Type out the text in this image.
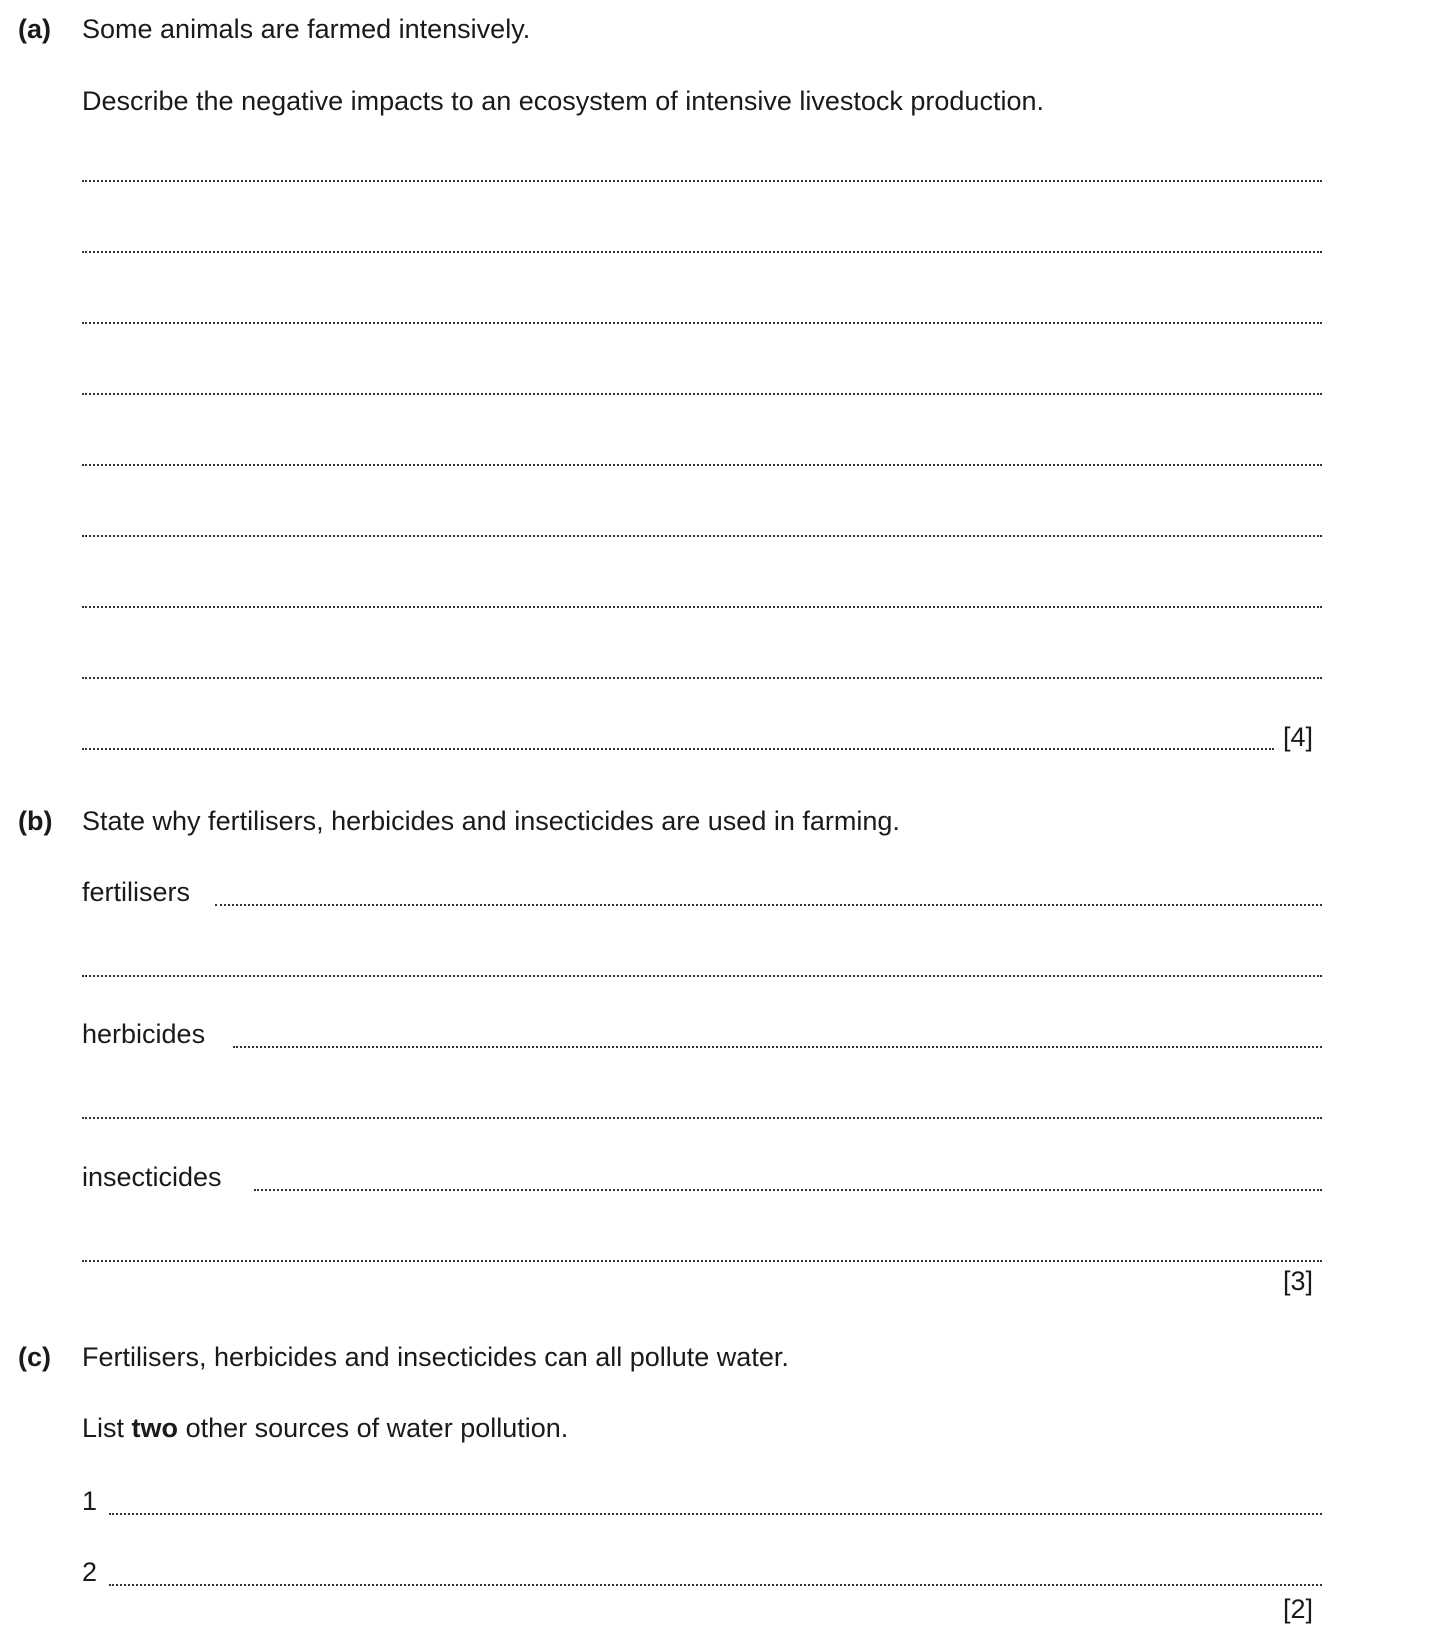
(a) Some animals are farmed intensively.
Describe the negative impacts to an ecosystem of intensive livestock production.
[4]
(b) State why fertilisers, herbicides and insecticides are used in farming.
fertilisers
herbicides
insecticides
[3]
(c) Fertilisers, herbicides and insecticides can all pollute water.
List two other sources of water pollution.
1
2
[2]
